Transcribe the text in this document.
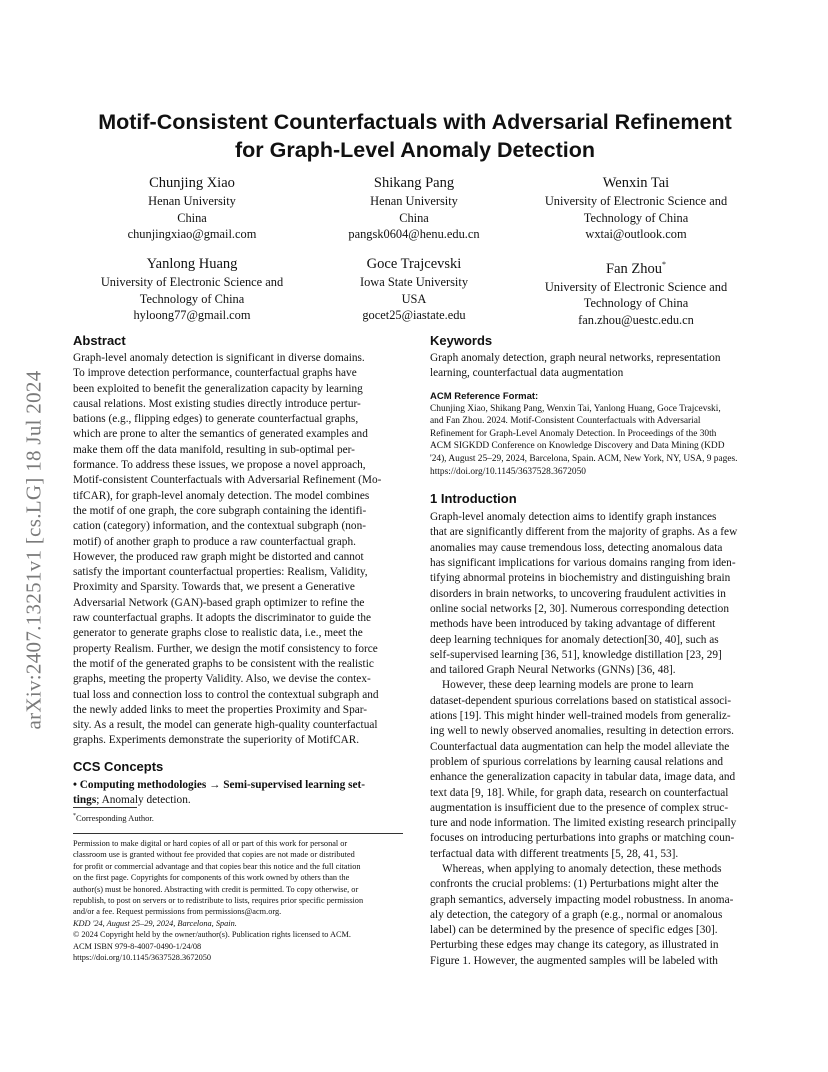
arXiv:2407.13251v1 [cs.LG] 18 Jul 2024
Motif-Consistent Counterfactuals with Adversarial Refinement
for Graph-Level Anomaly Detection
Chunjing Xiao
Henan University
China
chunjingxiao@gmail.com
Shikang Pang
Henan University
China
pangsk0604@henu.edu.cn
Wenxin Tai
University of Electronic Science and
Technology of China
wxtai@outlook.com
Yanlong Huang
University of Electronic Science and
Technology of China
hyloong77@gmail.com
Goce Trajcevski
Iowa State University
USA
gocet25@iastate.edu
Fan Zhou*
University of Electronic Science and
Technology of China
fan.zhou@uestc.edu.cn
Abstract
Graph-level anomaly detection is significant in diverse domains.
To improve detection performance, counterfactual graphs have
been exploited to benefit the generalization capacity by learning
causal relations. Most existing studies directly introduce pertur-
bations (e.g., flipping edges) to generate counterfactual graphs,
which are prone to alter the semantics of generated examples and
make them off the data manifold, resulting in sub-optimal per-
formance. To address these issues, we propose a novel approach,
Motif-consistent Counterfactuals with Adversarial Refinement (Mo-
tifCAR), for graph-level anomaly detection. The model combines
the motif of one graph, the core subgraph containing the identifi-
cation (category) information, and the contextual subgraph (non-
motif) of another graph to produce a raw counterfactual graph.
However, the produced raw graph might be distorted and cannot
satisfy the important counterfactual properties: Realism, Validity,
Proximity and Sparsity. Towards that, we present a Generative
Adversarial Network (GAN)-based graph optimizer to refine the
raw counterfactual graphs. It adopts the discriminator to guide the
generator to generate graphs close to realistic data, i.e., meet the
property Realism. Further, we design the motif consistency to force
the motif of the generated graphs to be consistent with the realistic
graphs, meeting the property Validity. Also, we devise the contex-
tual loss and connection loss to control the contextual subgraph and
the newly added links to meet the properties Proximity and Spar-
sity. As a result, the model can generate high-quality counterfactual
graphs. Experiments demonstrate the superiority of MotifCAR.
CCS Concepts
• Computing methodologies → Semi-supervised learning set-
tings; Anomaly detection.
*Corresponding Author.
Permission to make digital or hard copies of all or part of this work for personal or
classroom use is granted without fee provided that copies are not made or distributed
for profit or commercial advantage and that copies bear this notice and the full citation
on the first page. Copyrights for components of this work owned by others than the
author(s) must be honored. Abstracting with credit is permitted. To copy otherwise, or
republish, to post on servers or to redistribute to lists, requires prior specific permission
and/or a fee. Request permissions from permissions@acm.org.
KDD '24, August 25–29, 2024, Barcelona, Spain.
© 2024 Copyright held by the owner/author(s). Publication rights licensed to ACM.
ACM ISBN 979-8-4007-0490-1/24/08
https://doi.org/10.1145/3637528.3672050
Keywords
Graph anomaly detection, graph neural networks, representation
learning, counterfactual data augmentation
ACM Reference Format:
Chunjing Xiao, Shikang Pang, Wenxin Tai, Yanlong Huang, Goce Trajcevski,
and Fan Zhou. 2024. Motif-Consistent Counterfactuals with Adversarial
Refinement for Graph-Level Anomaly Detection. In Proceedings of the 30th
ACM SIGKDD Conference on Knowledge Discovery and Data Mining (KDD
'24), August 25–29, 2024, Barcelona, Spain. ACM, New York, NY, USA, 9 pages.
https://doi.org/10.1145/3637528.3672050
1 Introduction
Graph-level anomaly detection aims to identify graph instances
that are significantly different from the majority of graphs. As a few
anomalies may cause tremendous loss, detecting anomalous data
has significant implications for various domains ranging from iden-
tifying abnormal proteins in biochemistry and distinguishing brain
disorders in brain networks, to uncovering fraudulent activities in
online social networks [2, 30]. Numerous corresponding detection
methods have been introduced by taking advantage of different
deep learning techniques for anomaly detection[30, 40], such as
self-supervised learning [36, 51], knowledge distillation [23, 29]
and tailored Graph Neural Networks (GNNs) [36, 48].
However, these deep learning models are prone to learn
dataset-dependent spurious correlations based on statistical associ-
ations [19]. This might hinder well-trained models from generaliz-
ing well to newly observed anomalies, resulting in detection errors.
Counterfactual data augmentation can help the model alleviate the
problem of spurious correlations by learning causal relations and
enhance the generalization capacity in tabular data, image data, and
text data [9, 18]. While, for graph data, research on counterfactual
augmentation is insufficient due to the presence of complex struc-
ture and node information. The limited existing research principally
focuses on introducing perturbations into graphs or matching coun-
terfactual data with different treatments [5, 28, 41, 53].
Whereas, when applying to anomaly detection, these methods
confronts the crucial problems: (1) Perturbations might alter the
graph semantics, adversely impacting model robustness. In anoma-
aly detection, the category of a graph (e.g., normal or anomalous
label) can be determined by the presence of specific edges [30].
Perturbing these edges may change its category, as illustrated in
Figure 1. However, the augmented samples will be labeled with
